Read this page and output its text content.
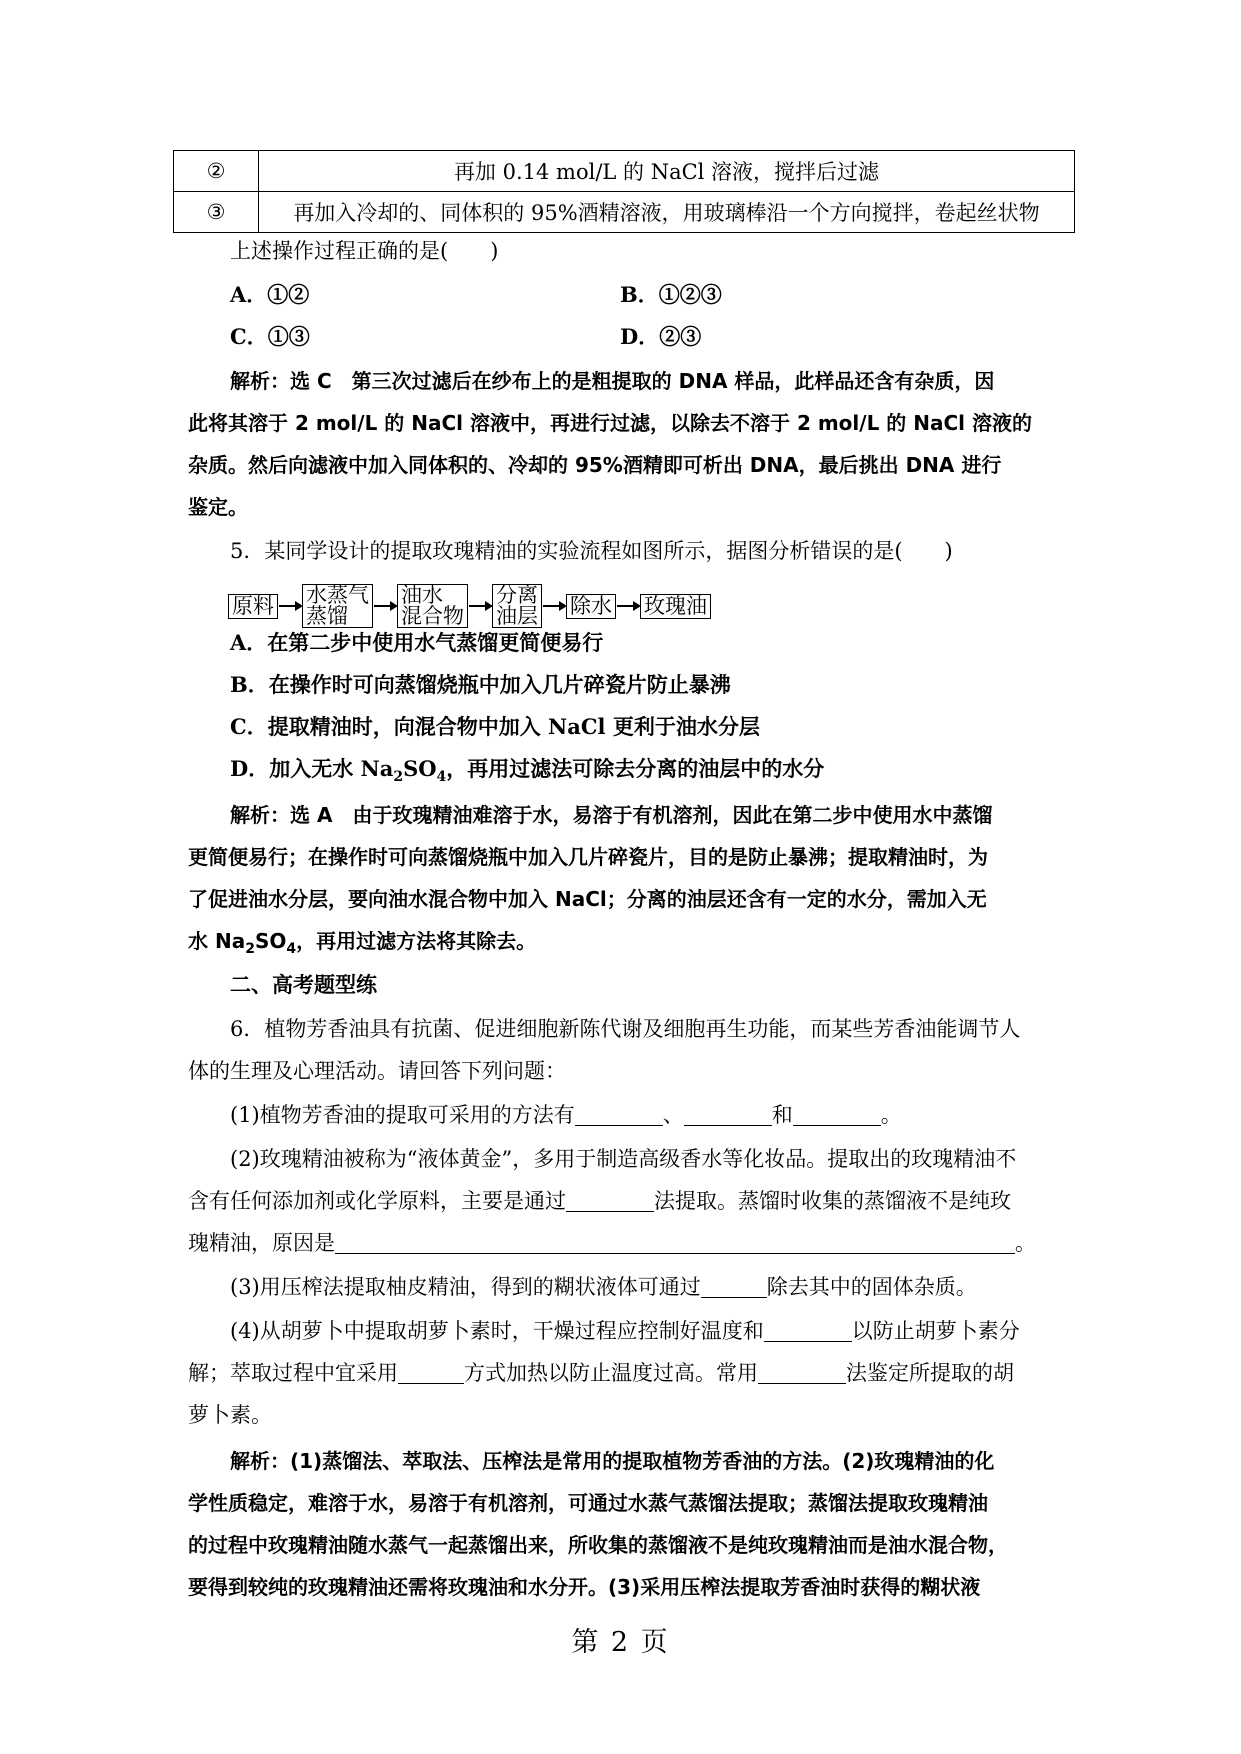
②	再加 0.14 mol/L 的 NaCl 溶液，搅拌后过滤
③	再加入冷却的、同体积的 95%酒精溶液，用玻璃棒沿一个方向搅拌，卷起丝状物
上述操作过程正确的是(　　)
A．①②	B．①②③
C．①③	D．②③
解析：选 C　第三次过滤后在纱布上的是粗提取的 DNA 样品，此样品还含有杂质，因
此将其溶于 2 mol/L 的 NaCl 溶液中，再进行过滤，以除去不溶于 2 mol/L 的 NaCl 溶液的
杂质。然后向滤液中加入同体积的、冷却的 95%酒精即可析出 DNA，最后挑出 DNA 进行
鉴定。
5．某同学设计的提取玫瑰精油的实验流程如图所示，据图分析错误的是(　　)
原料 水蒸气
蒸馏
油水
混合物
分离
油层 除水 玫瑰油
A．在第二步中使用水气蒸馏更简便易行
B．在操作时可向蒸馏烧瓶中加入几片碎瓷片防止暴沸
C．提取精油时，向混合物中加入 NaCl 更利于油水分层
D．加入无水 $Na_2SO_4$，再用过滤法可除去分离的油层中的水分
解析：选 A　由于玫瑰精油难溶于水，易溶于有机溶剂，因此在第二步中使用水中蒸馏
更简便易行；在操作时可向蒸馏烧瓶中加入几片碎瓷片，目的是防止暴沸；提取精油时，为
了促进油水分层，要向油水混合物中加入 NaCl；分离的油层还含有一定的水分，需加入无
水 $Na_2SO_4$，再用过滤方法将其除去。
二、高考题型练
6．植物芳香油具有抗菌、促进细胞新陈代谢及细胞再生功能，而某些芳香油能调节人
体的生理及心理活动。请回答下列问题：
(1)植物芳香油的提取可采用的方法有	、	和	。
(2)玫瑰精油被称为“液体黄金”，多用于制造高级香水等化妆品。提取出的玫瑰精油不
含有任何添加剂或化学原料，主要是通过	法提取。蒸馏时收集的蒸馏液不是纯玫
瑰精油，原因是	。
(3)用压榨法提取柚皮精油，得到的糊状液体可通过	除去其中的固体杂质。
(4)从胡萝卜中提取胡萝卜素时，干燥过程应控制好温度和	以防止胡萝卜素分
解；萃取过程中宜采用	方式加热以防止温度过高。常用	法鉴定所提取的胡
萝卜素。
解析：(1)蒸馏法、萃取法、压榨法是常用的提取植物芳香油的方法。(2)玫瑰精油的化
学性质稳定，难溶于水，易溶于有机溶剂，可通过水蒸气蒸馏法提取；蒸馏法提取玫瑰精油
的过程中玫瑰精油随水蒸气一起蒸馏出来，所收集的蒸馏液不是纯玫瑰精油而是油水混合物，
要得到较纯的玫瑰精油还需将玫瑰油和水分开。(3)采用压榨法提取芳香油时获得的糊状液
第 2 页
